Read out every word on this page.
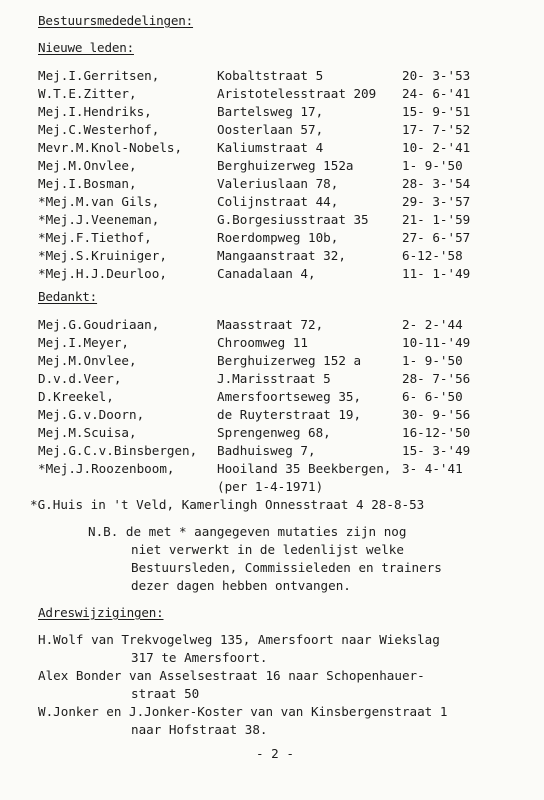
Bestuursmededelingen:
Nieuwe leden:
Mej.I.Gerritsen,	Kobaltstraat 5	20- 3-'53
W.T.E.Zitter,	Aristotelesstraat 209 24- 6-'41
Mej.I.Hendriks,	Bartelsweg 17,	15- 9-'51
Mej.C.Westerhof,	Oosterlaan 57,	17- 7-'52
Mevr.M.Knol-Nobels,	Kaliumstraat 4	10- 2-'41
Mej.M.Onvlee,	Berghuizerweg 152a	1- 9-'50
Mej.I.Bosman,	Valeriuslaan 78,	28- 3-'54
*Mej.M.van Gils,	Colijnstraat 44,	29- 3-'57
*Mej.J.Veeneman,	G.Borgesiusstraat 35	21- 1-'59
*Mej.F.Tiethof,	Roerdompweg 10b,	27- 6-'57
*Mej.S.Kruiniger,	Mangaanstraat 32,	6-12-'58
*Mej.H.J.Deurloo,	Canadalaan 4,	11- 1-'49
Bedankt:
Mej.G.Goudriaan,	Maasstraat 72,	2- 2-'44
Mej.I.Meyer,	Chroomweg 11	10-11-'49
Mej.M.Onvlee,	Berghuizerweg 152 a	1- 9-'50
D.v.d.Veer,	J.Marisstraat 5	28- 7-'56
D.Kreekel,	Amersfoortseweg 35,	6- 6-'50
Mej.G.v.Doorn,	de Ruyterstraat 19,	30- 9-'56
Mej.M.Scuisa,	Sprengenweg 68,	16-12-'50
Mej.G.C.v.Binsbergen, Badhuisweg 7,	15- 3-'49
*Mej.J.Roozenboom,	Hooiland 35 Beekbergen, 3- 4-'41
(per 1-4-1971)
*G.Huis in 't Veld, Kamerlingh Onnesstraat 4 28-8-53
N.B. de met * aangegeven mutaties zijn nog
niet verwerkt in de ledenlijst welke
Bestuursleden, Commissieleden en trainers
dezer dagen hebben ontvangen.
Adreswijzigingen:
H.Wolf van Trekvogelweg 135, Amersfoort naar Wiekslag
317 te Amersfoort.
Alex Bonder van Asselsestraat 16 naar Schopenhauer-
straat 50
W.Jonker en J.Jonker-Koster van van Kinsbergenstraat 1
naar Hofstraat 38.
- 2 -
